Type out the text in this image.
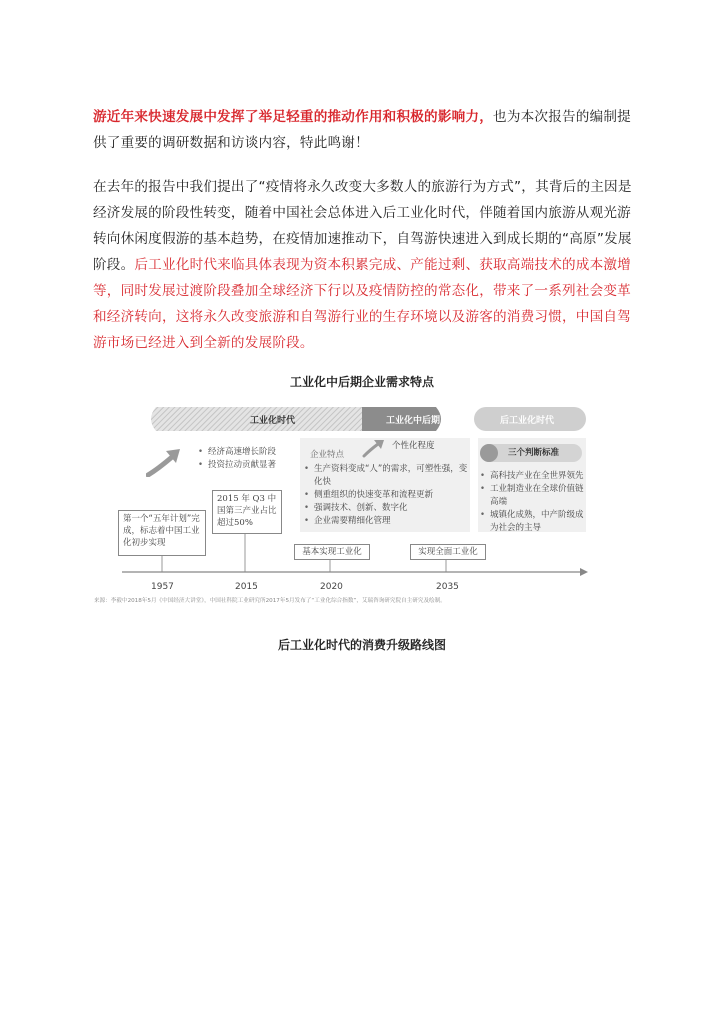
游近年来快速发展中发挥了举足轻重的推动作用和积极的影响力，也为本次报告的编制提供了重要的调研数据和访谈内容，特此鸣谢！
在去年的报告中我们提出了“疫情将永久改变大多数人的旅游行为方式”，其背后的主因是经济发展的阶段性转变，随着中国社会总体进入后工业化时代，伴随着国内旅游从观光游转向休闲度假游的基本趋势，在疫情加速推动下，自驾游快速进入到成长期的“高原”发展阶段。后工业化时代来临具体表现为资本积累完成、产能过剩、获取高端技术的成本激增等，同时发展过渡阶段叠加全球经济下行以及疫情防控的常态化，带来了一系列社会变革和经济转向，这将永久改变旅游和自驾游行业的生存环境以及游客的消费习惯，中国自驾游市场已经进入到全新的发展阶段。
工业化中后期企业需求特点
工业化时代	工业化中后期	后工业化时代
• 经济高速增长阶段
• 投资拉动贡献显著
个性化程度
企业特点
• 生产资料变成“人”的需求，可塑性强，变化快
• 侧重组织的快速变革和流程更新
• 强调技术、创新、数字化
• 企业需要精细化管理
三个判断标准
• 高科技产业在全世界领先
• 工业制造业在全球价值链高端
• 城镇化成熟，中产阶级成为社会的主导
第一个“五年计划”完成，标志着中国工业化初步实现
2015 年 Q3 中国第三产业占比超过50%
基本实现工业化	实现全面工业化
1957	2015	2020	2035
来源：李毅中2018年5月《中国经济大讲堂》，中国社科院工业研究所2017年5月发布了“工业化综合指数”，艾瑞咨询研究院自主研究及绘制。
后工业化时代的消费升级路线图
